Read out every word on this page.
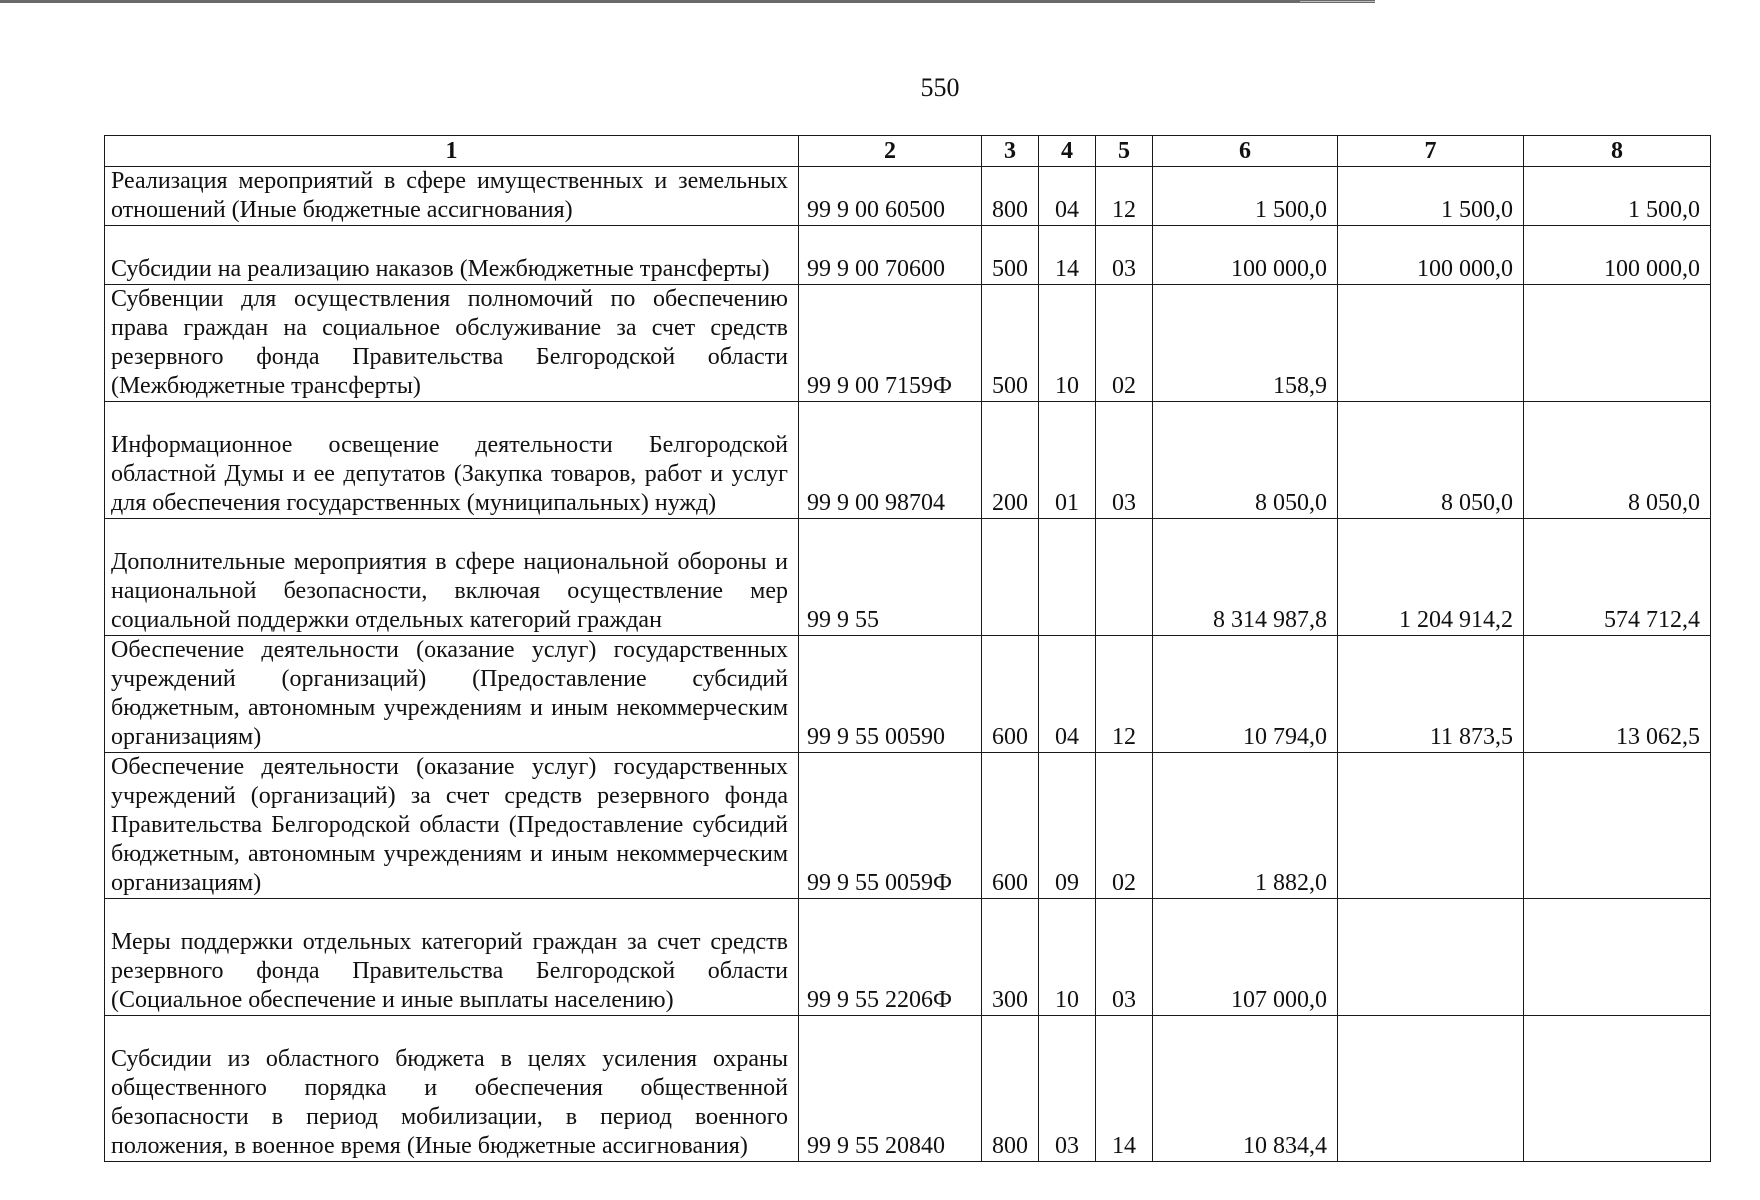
550
1	2	3	4	5	6	7	8
Реализация мероприятий в сфере имущественных и земельных отношений (Иные бюджетные ассигнования)	99 9 00 60500	800	04	12	1 500,0	1 500,0	1 500,0
Субсидии на реализацию наказов (Межбюджетные трансферты)	99 9 00 70600	500	14	03	100 000,0	100 000,0	100 000,0
Субвенции для осуществления полномочий по обеспечению права граждан на социальное обслуживание за счет средств резервного фонда Правительства Белгородской области (Межбюджетные трансферты)	99 9 00 7159Ф	500	10	02	158,9		
Информационное освещение деятельности Белгородской областной Думы и ее депутатов (Закупка товаров, работ и услуг для обеспечения государственных (муниципальных) нужд)	99 9 00 98704	200	01	03	8 050,0	8 050,0	8 050,0
Дополнительные мероприятия в сфере национальной обороны и национальной безопасности, включая осуществление мер социальной поддержки отдельных категорий граждан	99 9 55				8 314 987,8	1 204 914,2	574 712,4
Обеспечение деятельности (оказание услуг) государственных учреждений (организаций) (Предоставление субсидий бюджетным, автономным учреждениям и иным некоммерческим организациям)	99 9 55 00590	600	04	12	10 794,0	11 873,5	13 062,5
Обеспечение деятельности (оказание услуг) государственных учреждений (организаций) за счет средств резервного фонда Правительства Белгородской области (Предоставление субсидий бюджетным, автономным учреждениям и иным некоммерческим организациям)	99 9 55 0059Ф	600	09	02	1 882,0		
Меры поддержки отдельных категорий граждан за счет средств резервного фонда Правительства Белгородской области (Социальное обеспечение и иные выплаты населению)	99 9 55 2206Ф	300	10	03	107 000,0		
Субсидии из областного бюджета в целях усиления охраны общественного порядка и обеспечения общественной безопасности в период мобилизации, в период военного положения, в военное время (Иные бюджетные ассигнования)	99 9 55 20840	800	03	14	10 834,4		
